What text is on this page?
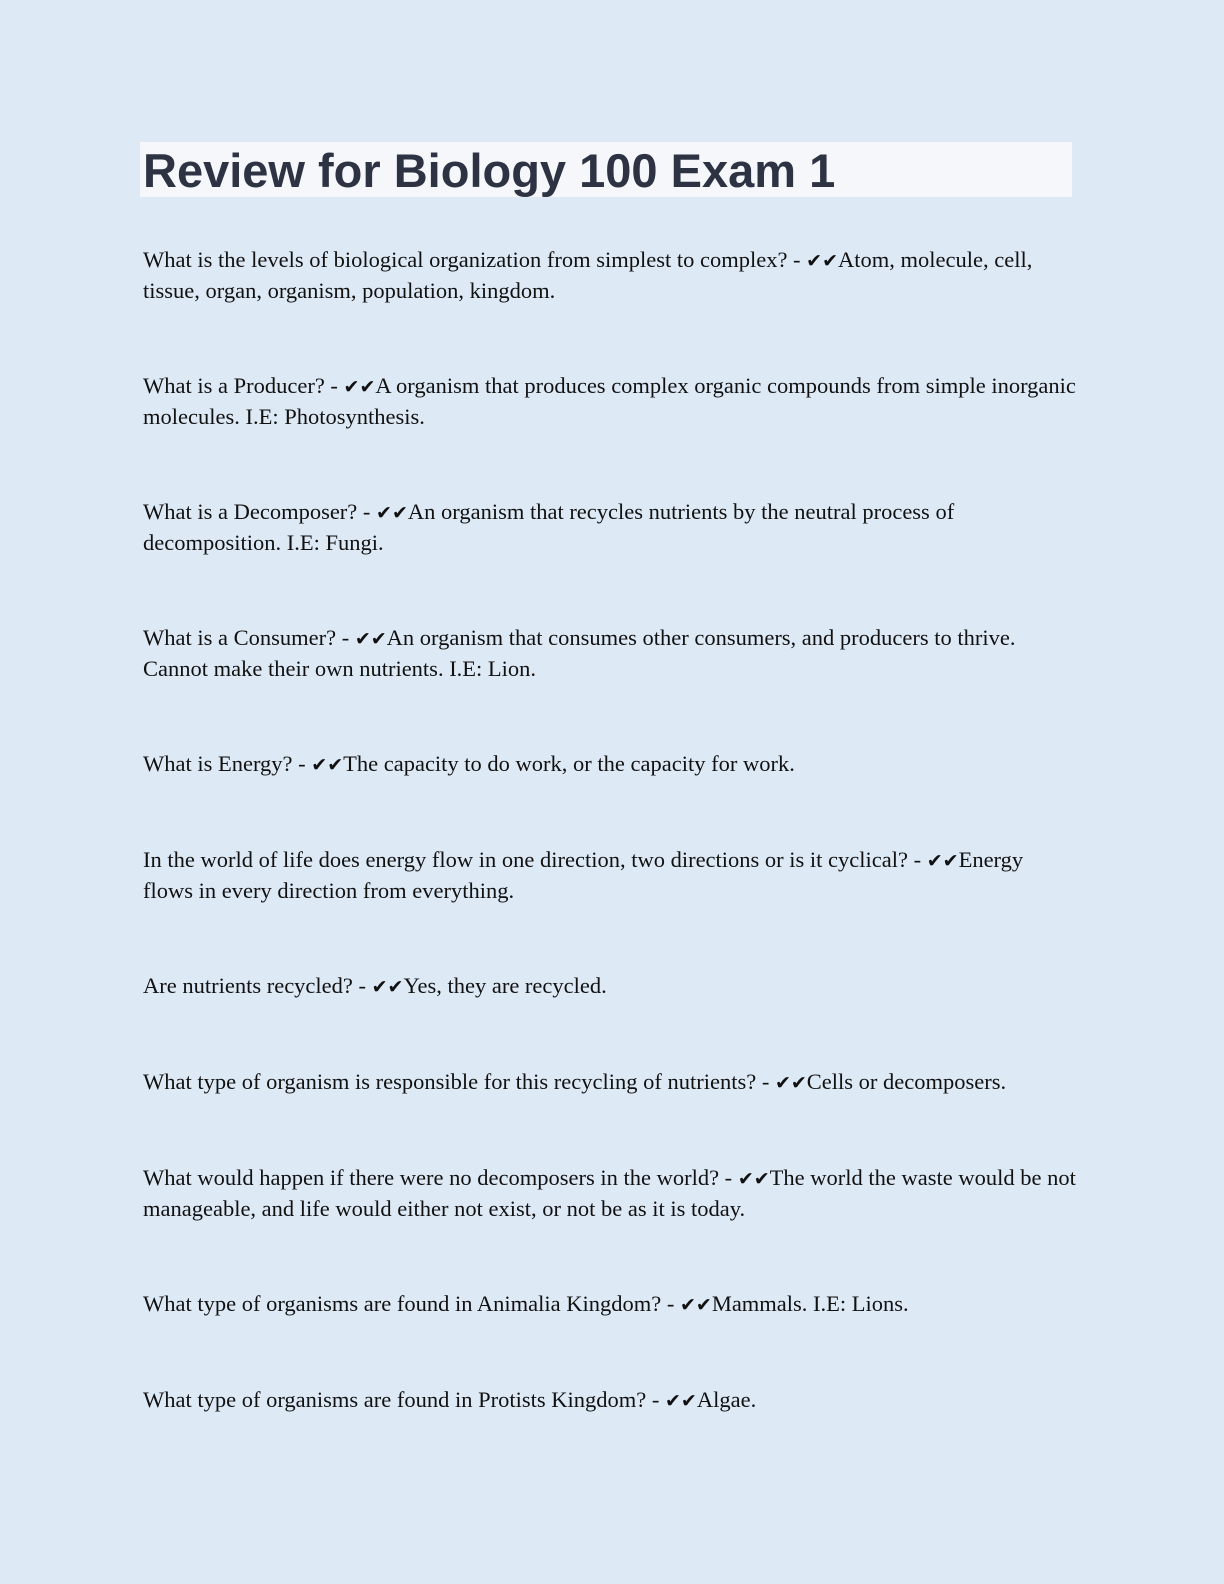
Review for Biology 100 Exam 1

What is the levels of biological organization from simplest to complex? - ✔✔Atom, molecule, cell, tissue, organ, organism, population, kingdom.

What is a Producer? - ✔✔A organism that produces complex organic compounds from simple inorganic molecules. I.E: Photosynthesis.

What is a Decomposer? - ✔✔An organism that recycles nutrients by the neutral process of decomposition. I.E: Fungi.

What is a Consumer? - ✔✔An organism that consumes other consumers, and producers to thrive. Cannot make their own nutrients. I.E: Lion.

What is Energy? - ✔✔The capacity to do work, or the capacity for work.

In the world of life does energy flow in one direction, two directions or is it cyclical? - ✔✔Energy flows in every direction from everything.

Are nutrients recycled? - ✔✔Yes, they are recycled.

What type of organism is responsible for this recycling of nutrients? - ✔✔Cells or decomposers.

What would happen if there were no decomposers in the world? - ✔✔The world the waste would be not manageable, and life would either not exist, or not be as it is today.

What type of organisms are found in Animalia Kingdom? - ✔✔Mammals. I.E: Lions.

What type of organisms are found in Protists Kingdom? - ✔✔Algae.
